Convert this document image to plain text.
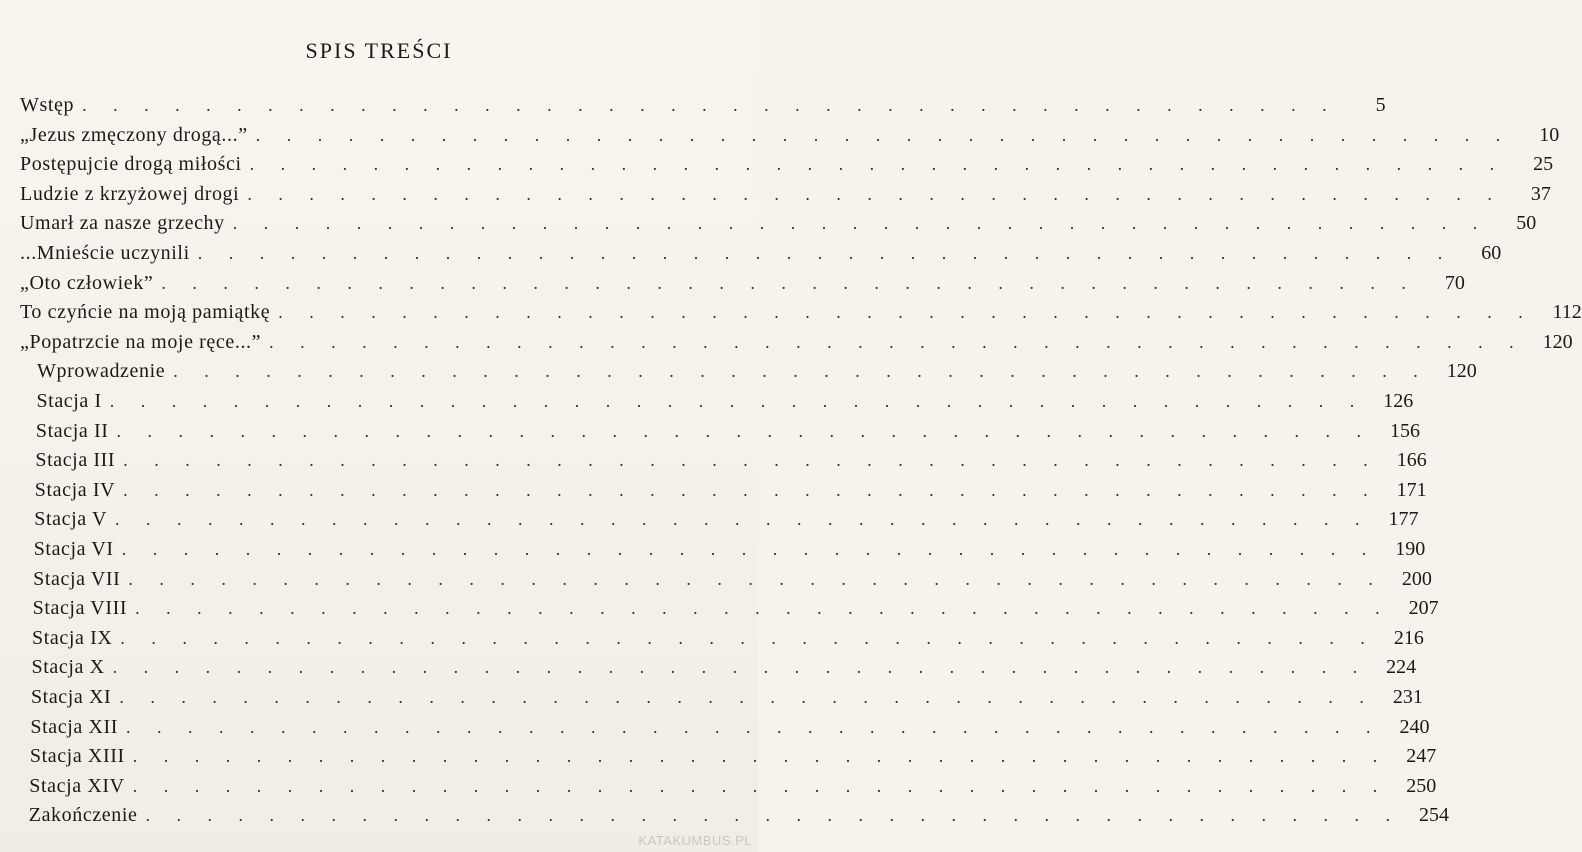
SPIS TREŚCI
Wstęp . . . . . . . . . . . . . . . . . . . . . . . . . . . . . . . . . . . . . . . . .	5
„Jezus zmęczony drogą...” . . . . . . . . . . . . . . . . . . . . . . . . . . . . . . . . . . . . . . . . .	10
Postępujcie drogą miłości . . . . . . . . . . . . . . . . . . . . . . . . . . . . . . . . . . . . . . . . .	25
Ludzie z krzyżowej drogi . . . . . . . . . . . . . . . . . . . . . . . . . . . . . . . . . . . . . . . . .	37
Umarł za nasze grzechy . . . . . . . . . . . . . . . . . . . . . . . . . . . . . . . . . . . . . . . . .	50
...Mnieście uczynili . . . . . . . . . . . . . . . . . . . . . . . . . . . . . . . . . . . . . . . . .	60
„Oto człowiek” . . . . . . . . . . . . . . . . . . . . . . . . . . . . . . . . . . . . . . . . .	70
To czyńcie na moją pamiątkę . . . . . . . . . . . . . . . . . . . . . . . . . . . . . . . . . . . . . . . . . 112
„Popatrzcie na moje ręce...” . . . . . . . . . . . . . . . . . . . . . . . . . . . . . . . . . . . . . . . . . 120
Wprowadzenie . . . . . . . . . . . . . . . . . . . . . . . . . . . . . . . . . . . . . . . . . 120
Stacja I . . . . . . . . . . . . . . . . . . . . . . . . . . . . . . . . . . . . . . . . . 126
Stacja II . . . . . . . . . . . . . . . . . . . . . . . . . . . . . . . . . . . . . . . . . 156
Stacja III . . . . . . . . . . . . . . . . . . . . . . . . . . . . . . . . . . . . . . . . . 166
Stacja IV . . . . . . . . . . . . . . . . . . . . . . . . . . . . . . . . . . . . . . . . . 171
Stacja V . . . . . . . . . . . . . . . . . . . . . . . . . . . . . . . . . . . . . . . . . 177
Stacja VI . . . . . . . . . . . . . . . . . . . . . . . . . . . . . . . . . . . . . . . . . 190
Stacja VII . . . . . . . . . . . . . . . . . . . . . . . . . . . . . . . . . . . . . . . . . 200
Stacja VIII . . . . . . . . . . . . . . . . . . . . . . . . . . . . . . . . . . . . . . . . . 207
Stacja IX . . . . . . . . . . . . . . . . . . . . . . . . . . . . . . . . . . . . . . . . . 216
Stacja X . . . . . . . . . . . . . . . . . . . . . . . . . . . . . . . . . . . . . . . . . 224
Stacja XI . . . . . . . . . . . . . . . . . . . . . . . . . . . . . . . . . . . . . . . . . 231
Stacja XII . . . . . . . . . . . . . . . . . . . . . . . . . . . . . . . . . . . . . . . . . 240
Stacja XIII . . . . . . . . . . . . . . . . . . . . . . . . . . . . . . . . . . . . . . . . . 247
Stacja XIV . . . . . . . . . . . . . . . . . . . . . . . . . . . . . . . . . . . . . . . . . 250
Zakończenie . . . . . . . . . . . . . . . . . . . . . . . . . . . . . . . . . . . . . . . . . 254
KATAKUMBUS.PL
